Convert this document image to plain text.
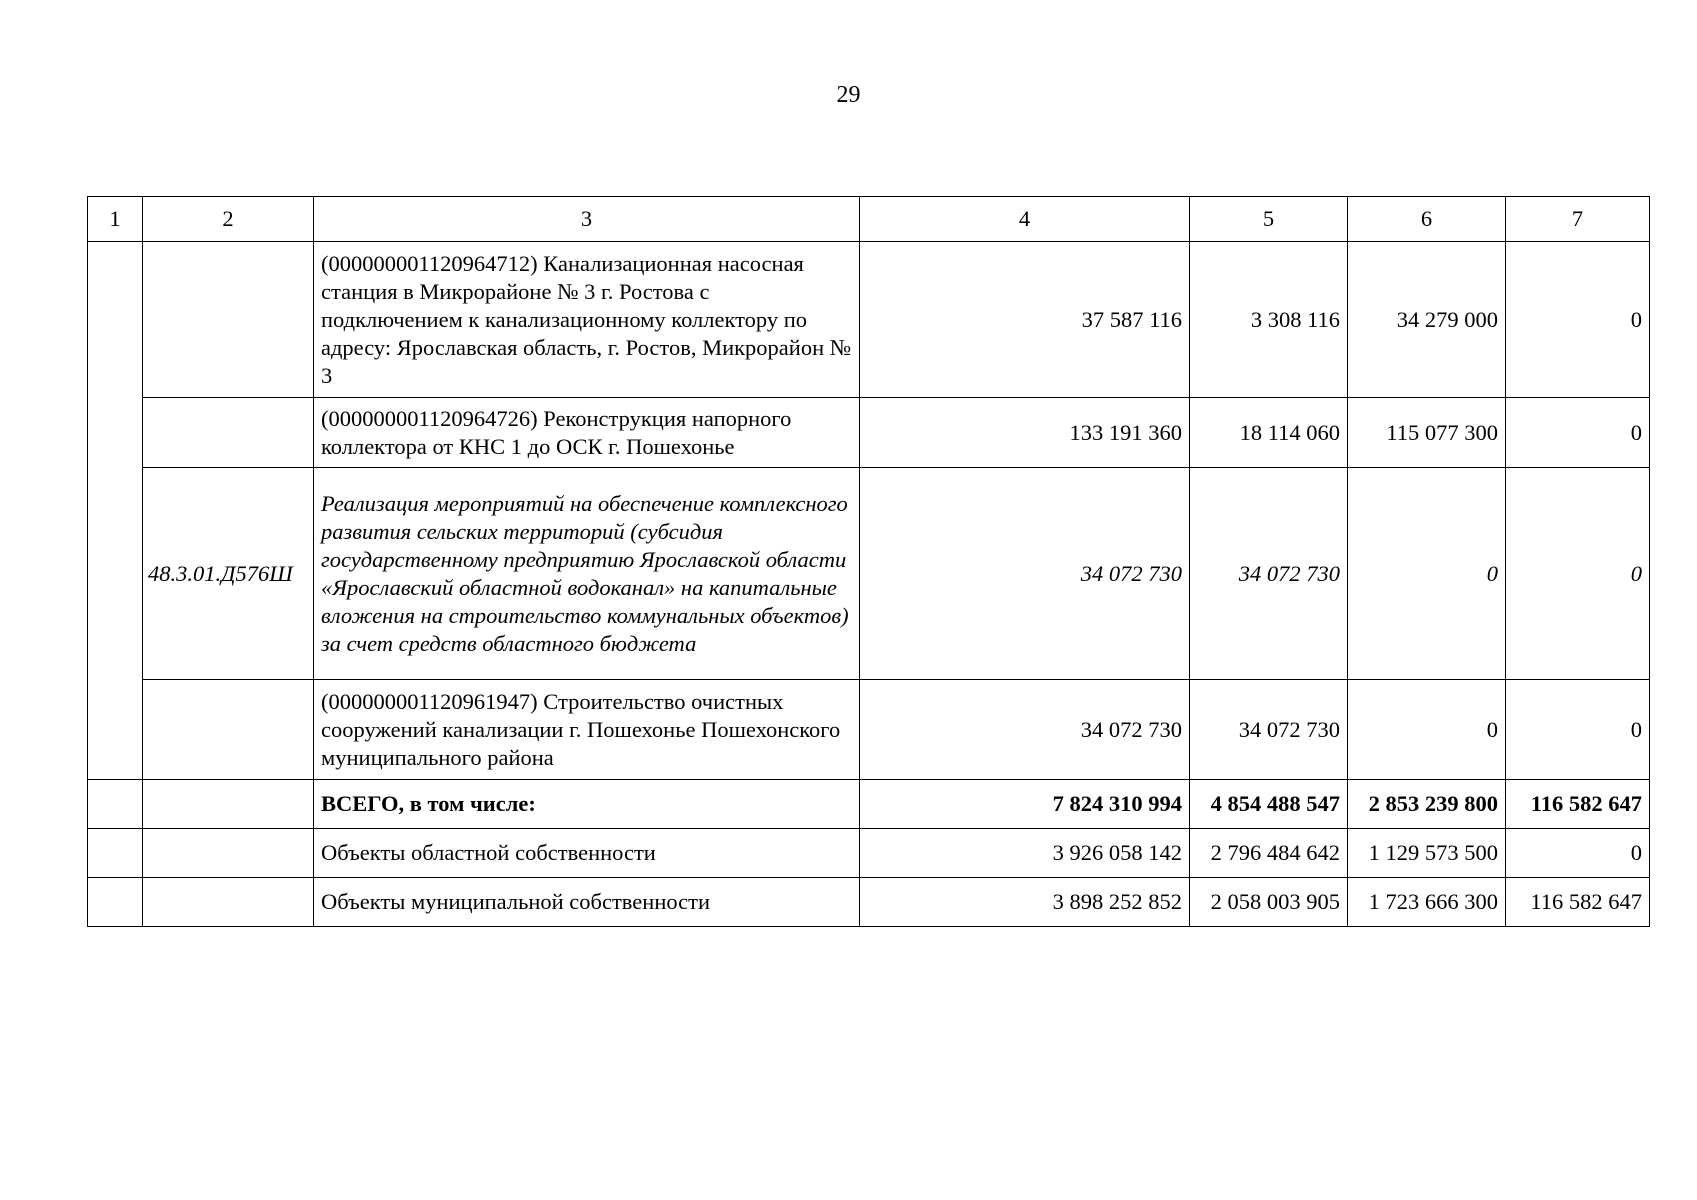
29
1	2	3	4	5	6	7
		(000000001120964712) Канализационная насосная станция в Микрорайоне № 3 г. Ростова с подключением к канализационному коллектору по адресу: Ярославская область, г. Ростов, Микрорайон № 3	37 587 116	3 308 116	34 279 000	0
		(000000001120964726) Реконструкция напорного коллектора от КНС 1 до ОСК г. Пошехонье	133 191 360	18 114 060	115 077 300	0
	48.3.01.Д576Ш	Реализация мероприятий на обеспечение комплексного развития сельских территорий (субсидия государственному предприятию Ярославской области «Ярославский областной водоканал» на капитальные вложения на строительство коммунальных объектов) за счет средств областного бюджета	34 072 730	34 072 730	0	0
		(000000001120961947) Строительство очистных сооружений канализации г. Пошехонье Пошехонского муниципального района	34 072 730	34 072 730	0	0
		ВСЕГО, в том числе:	7 824 310 994	4 854 488 547	2 853 239 800	116 582 647
		Объекты областной собственности	3 926 058 142	2 796 484 642	1 129 573 500	0
		Объекты муниципальной собственности	3 898 252 852	2 058 003 905	1 723 666 300	116 582 647
